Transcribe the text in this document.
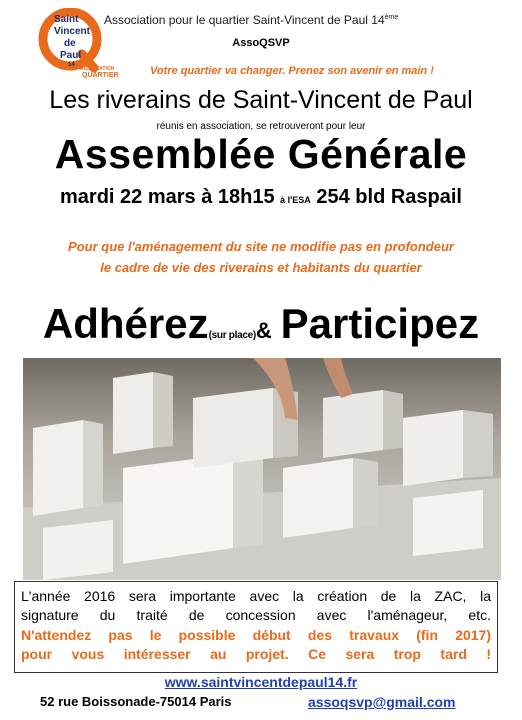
Saint
Vincent
de
Paul
14
ASSOCIATION
QUARTIER
Association pour le quartier Saint-Vincent de Paul 14ème
AssoQSVP
Votre quartier va changer. Prenez son avenir en main !
Les riverains de Saint-Vincent de Paul
réunis en association, se retrouveront pour leur
Assemblée Générale
mardi 22 mars à 18h15 à l'ESA 254 bld Raspail
Pour que l'aménagement du site ne modifie pas en profondeur
le cadre de vie des riverains et habitants du quartier
Adhérez(sur place)& Participez
L'année 2016 sera importante avec la création de la ZAC, la
signature du traité de concession avec l'aménageur, etc.
N'attendez pas le possible début des travaux (fin 2017)
pour vous intéresser au projet. Ce sera trop tard !
www.saintvincentdepaul14.fr
52 rue Boissonade-75014 Paris	assoqsvp@gmail.com
